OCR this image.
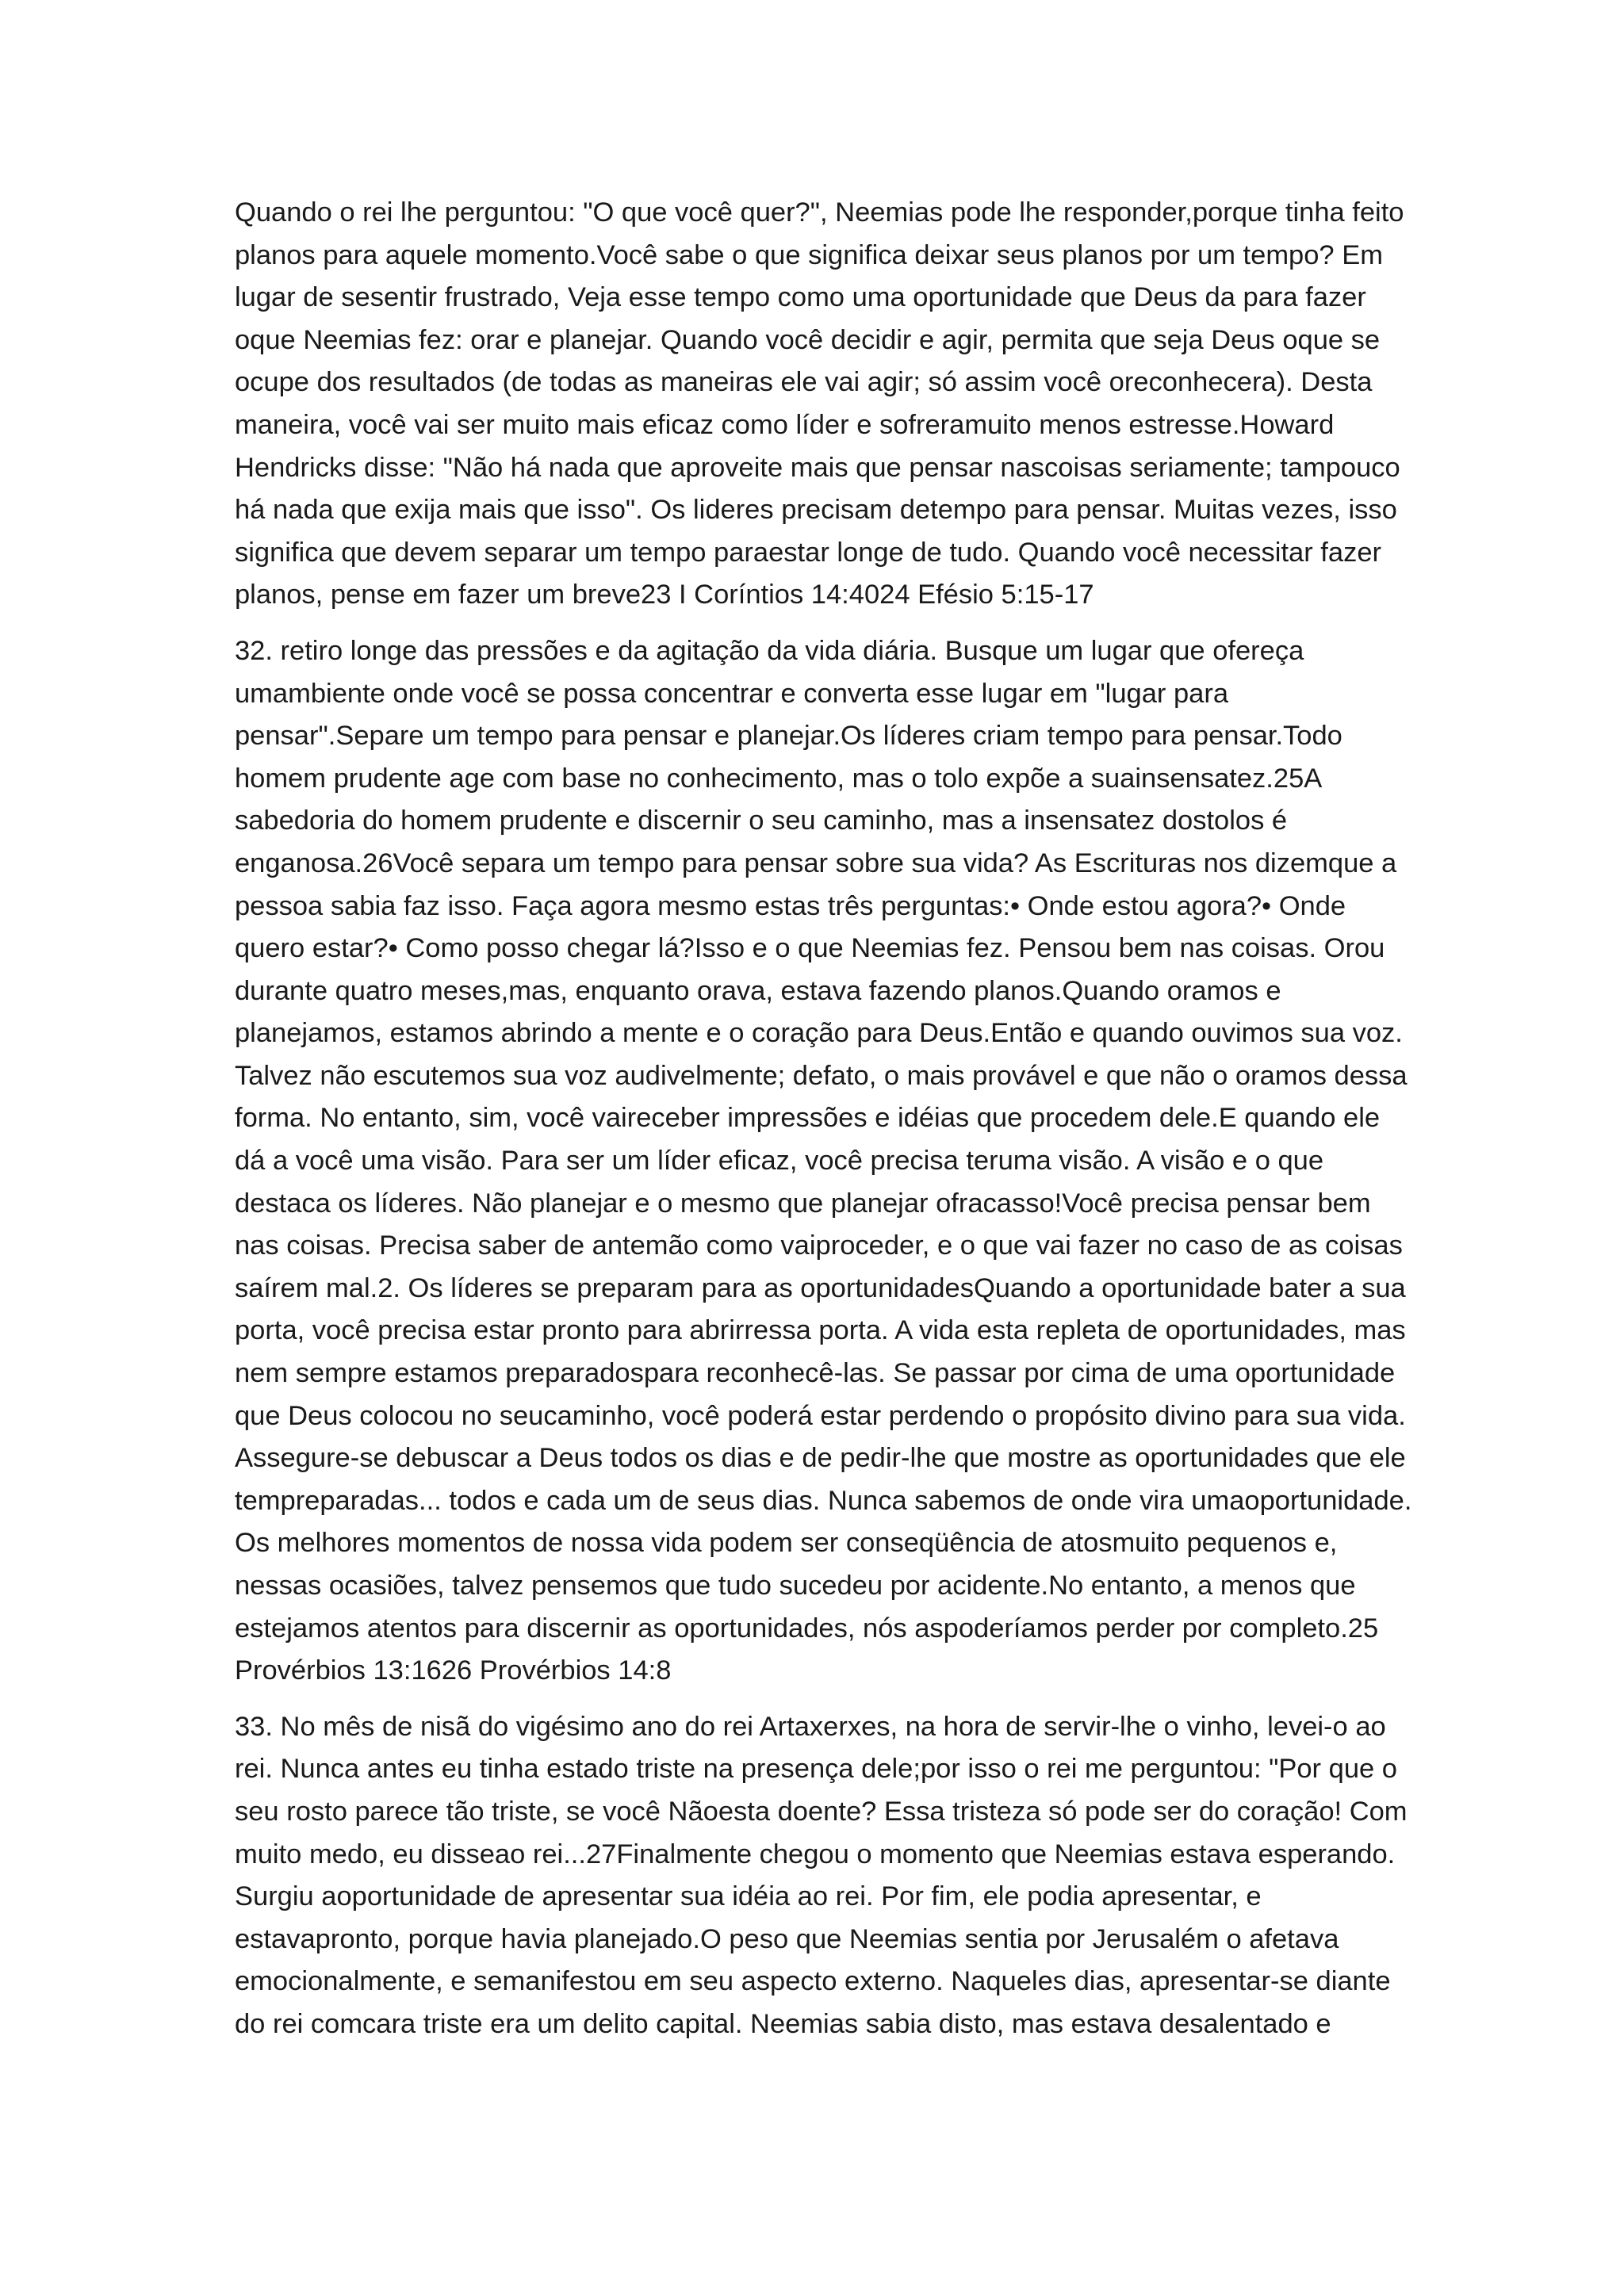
Quando o rei lhe perguntou: "O que você quer?", Neemias pode lhe responder,porque tinha feito planos para aquele momento.Você sabe o que significa deixar seus planos por um tempo? Em lugar de sesentir frustrado, Veja esse tempo como uma oportunidade que Deus da para fazer oque Neemias fez: orar e planejar. Quando você decidir e agir, permita que seja Deus oque se ocupe dos resultados (de todas as maneiras ele vai agir; só assim você oreconhecera). Desta maneira, você vai ser muito mais eficaz como líder e sofreramuito menos estresse.Howard Hendricks disse: "Não há nada que aproveite mais que pensar nascoisas seriamente; tampouco há nada que exija mais que isso". Os lideres precisam detempo para pensar. Muitas vezes, isso significa que devem separar um tempo paraestar longe de tudo. Quando você necessitar fazer planos, pense em fazer um breve23 I Coríntios 14:4024 Efésio 5:15-17

32. retiro longe das pressões e da agitação da vida diária. Busque um lugar que ofereça umambiente onde você se possa concentrar e converta esse lugar em "lugar para pensar".Separe um tempo para pensar e planejar.Os líderes criam tempo para pensar.Todo homem prudente age com base no conhecimento, mas o tolo expõe a suainsensatez.25A sabedoria do homem prudente e discernir o seu caminho, mas a insensatez dostolos é enganosa.26Você separa um tempo para pensar sobre sua vida? As Escrituras nos dizemque a pessoa sabia faz isso. Faça agora mesmo estas três perguntas:• Onde estou agora?• Onde quero estar?• Como posso chegar lá?Isso e o que Neemias fez. Pensou bem nas coisas. Orou durante quatro meses,mas, enquanto orava, estava fazendo planos.Quando oramos e planejamos, estamos abrindo a mente e o coração para Deus.Então e quando ouvimos sua voz. Talvez não escutemos sua voz audivelmente; defato, o mais provável e que não o oramos dessa forma. No entanto, sim, você vaireceber impressões e idéias que procedem dele.E quando ele dá a você uma visão. Para ser um líder eficaz, você precisa teruma visão. A visão e o que destaca os líderes. Não planejar e o mesmo que planejar ofracasso!Você precisa pensar bem nas coisas. Precisa saber de antemão como vaiproceder, e o que vai fazer no caso de as coisas saírem mal.2. Os líderes se preparam para as oportunidadesQuando a oportunidade bater a sua porta, você precisa estar pronto para abrirressa porta. A vida esta repleta de oportunidades, mas nem sempre estamos preparadospara reconhecê-las. Se passar por cima de uma oportunidade que Deus colocou no seucaminho, você poderá estar perdendo o propósito divino para sua vida. Assegure-se debuscar a Deus todos os dias e de pedir-lhe que mostre as oportunidades que ele tempreparadas... todos e cada um de seus dias. Nunca sabemos de onde vira umaoportunidade. Os melhores momentos de nossa vida podem ser conseqüência de atosmuito pequenos e, nessas ocasiões, talvez pensemos que tudo sucedeu por acidente.No entanto, a menos que estejamos atentos para discernir as oportunidades, nós aspoderíamos perder por completo.25 Provérbios 13:1626 Provérbios 14:8

33. No mês de nisã do vigésimo ano do rei Artaxerxes, na hora de servir-lhe o vinho, levei-o ao rei. Nunca antes eu tinha estado triste na presença dele;por isso o rei me perguntou: "Por que o seu rosto parece tão triste, se você Nãoesta doente? Essa tristeza só pode ser do coração! Com muito medo, eu disseao rei...27Finalmente chegou o momento que Neemias estava esperando. Surgiu aoportunidade de apresentar sua idéia ao rei. Por fim, ele podia apresentar, e estavapronto, porque havia planejado.O peso que Neemias sentia por Jerusalém o afetava emocionalmente, e semanifestou em seu aspecto externo. Naqueles dias, apresentar-se diante do rei comcara triste era um delito capital. Neemias sabia disto, mas estava desalentado e
